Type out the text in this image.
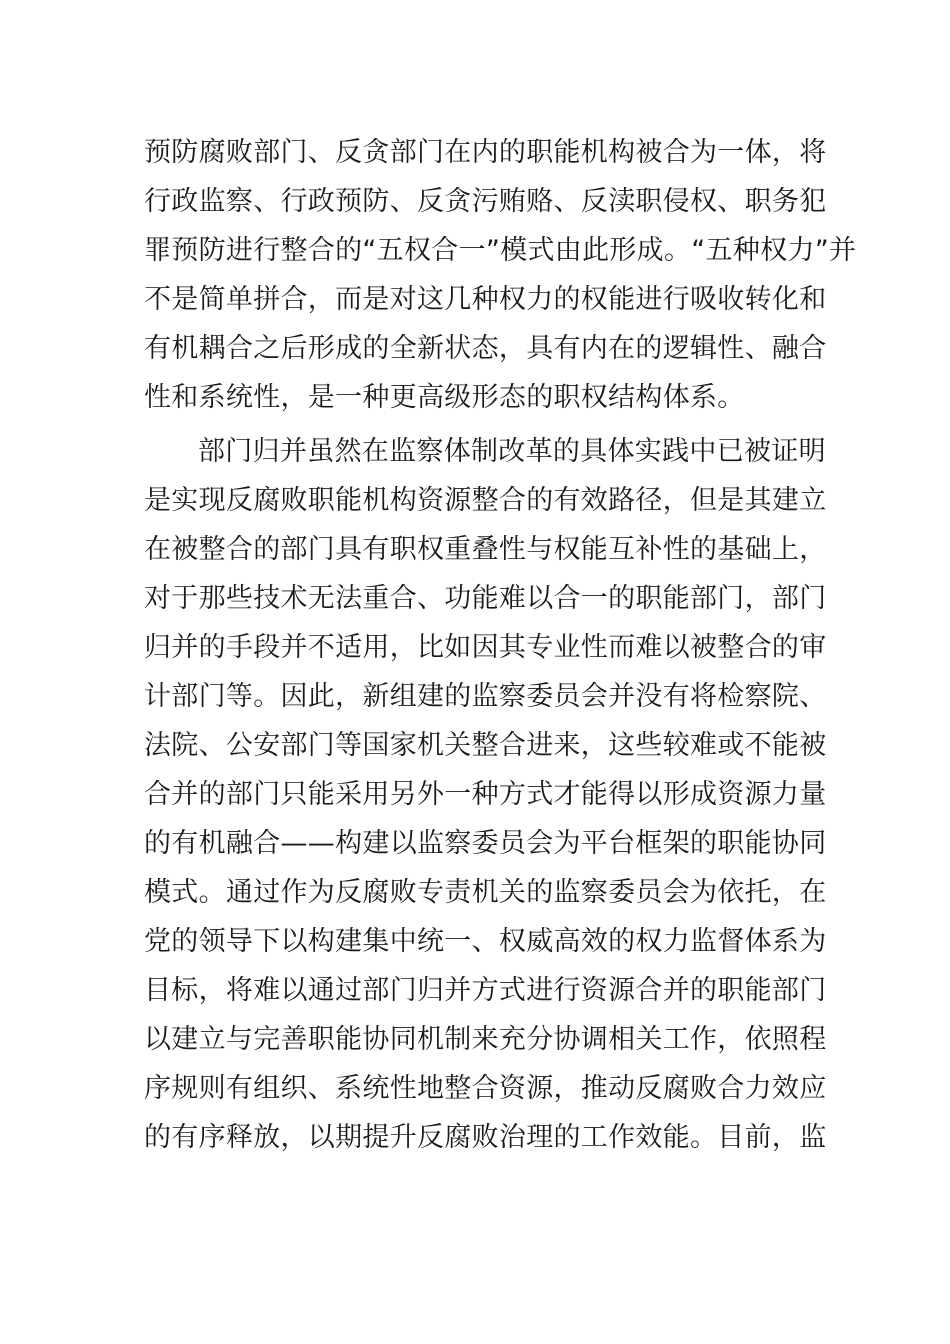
预防腐败部门、反贪部门在内的职能机构被合为一体，将
行政监察、行政预防、反贪污贿赂、反渎职侵权、职务犯
罪预防进行整合的“五权合一”模式由此形成。“五种权力”并
不是简单拼合，而是对这几种权力的权能进行吸收转化和
有机耦合之后形成的全新状态，具有内在的逻辑性、融合
性和系统性，是一种更高级形态的职权结构体系。
部门归并虽然在监察体制改革的具体实践中已被证明
是实现反腐败职能机构资源整合的有效路径，但是其建立
在被整合的部门具有职权重叠性与权能互补性的基础上，
对于那些技术无法重合、功能难以合一的职能部门，部门
归并的手段并不适用，比如因其专业性而难以被整合的审
计部门等。因此，新组建的监察委员会并没有将检察院、
法院、公安部门等国家机关整合进来，这些较难或不能被
合并的部门只能采用另外一种方式才能得以形成资源力量
的有机融合——构建以监察委员会为平台框架的职能协同
模式。通过作为反腐败专责机关的监察委员会为依托，在
党的领导下以构建集中统一、权威高效的权力监督体系为
目标，将难以通过部门归并方式进行资源合并的职能部门
以建立与完善职能协同机制来充分协调相关工作，依照程
序规则有组织、系统性地整合资源，推动反腐败合力效应
的有序释放，以期提升反腐败治理的工作效能。目前，监
